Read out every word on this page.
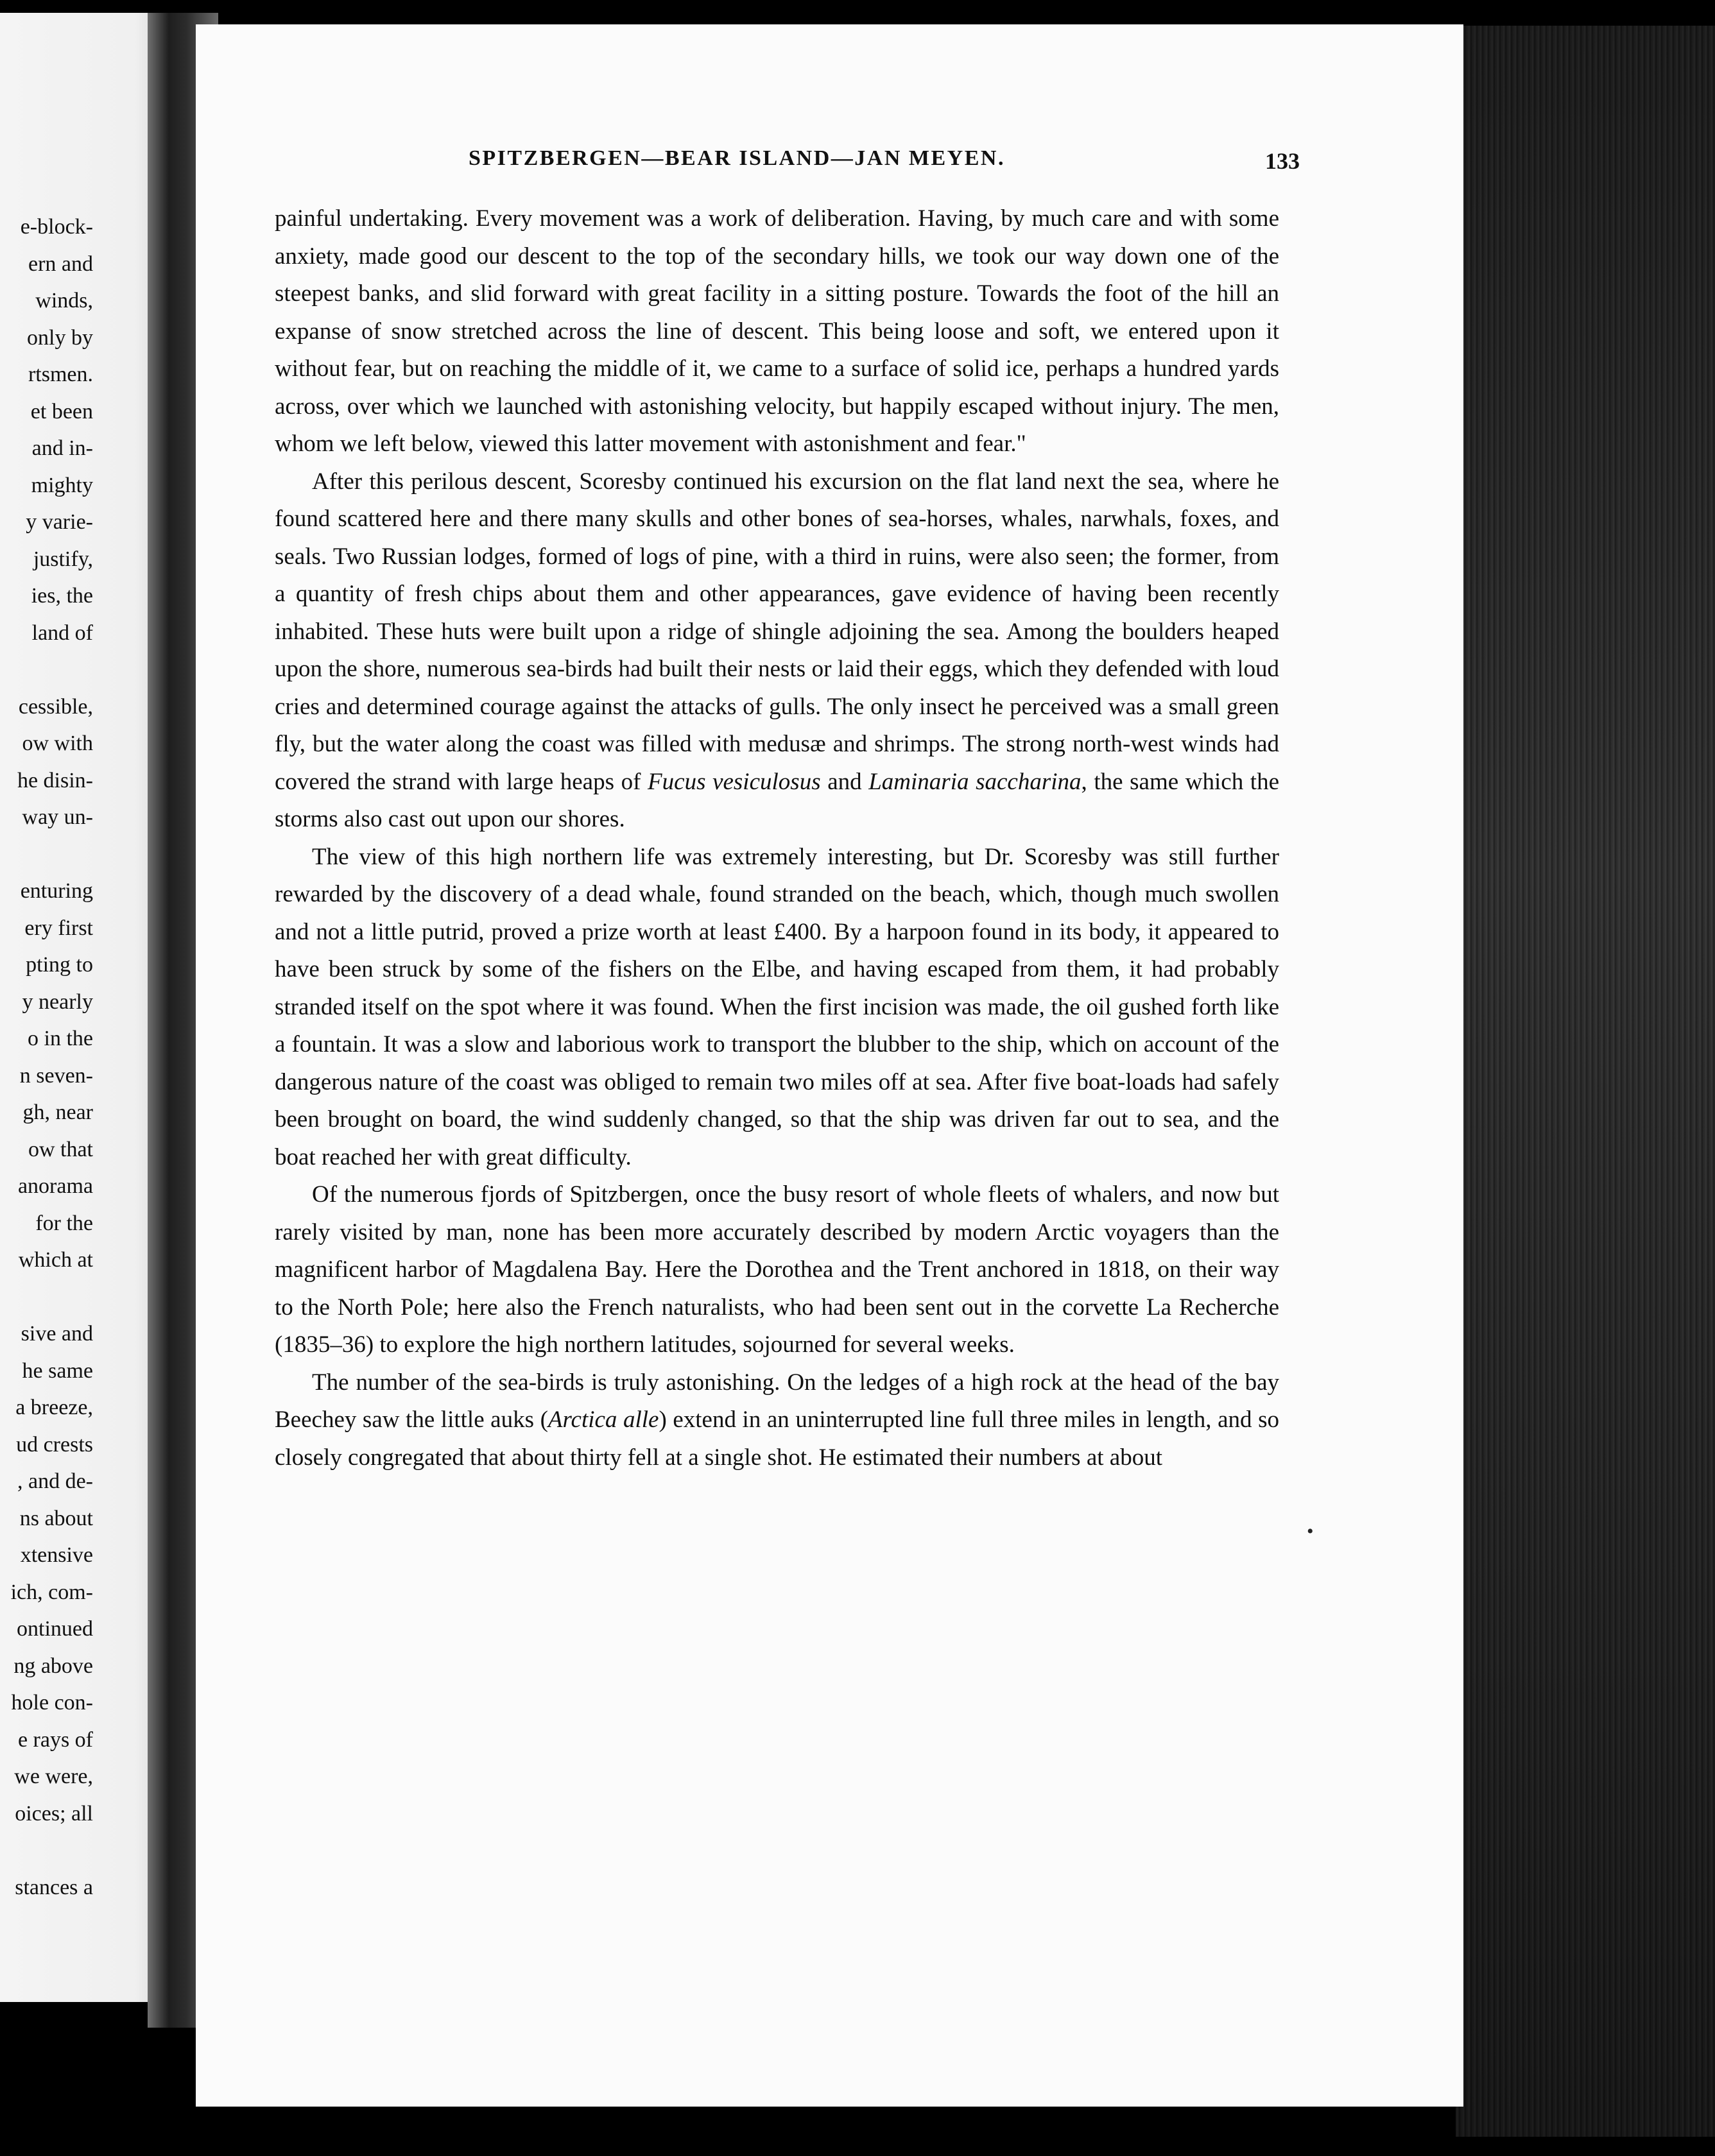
e-block-
ern and
winds,
only by
rtsmen.
et been
and in-
mighty
y varie-
justify,
ies, the
land of
cessible,
ow with
he disin-
way un-
enturing
ery first
pting to
y nearly
o in the
n seven-
gh, near
ow that
anorama
for the
which at
sive and
he same
a breeze,
ud crests
, and de-
ns about
xtensive
ich, com-
ontinued
ng above
hole con-
e rays of
we were,
oices; all
stances a
SPITZBERGEN—BEAR ISLAND—JAN MEYEN.	133

painful undertaking. Every movement was a work of deliberation. Having, by much care and with some anxiety, made good our descent to the top of the secondary hills, we took our way down one of the steepest banks, and slid forward with great facility in a sitting posture. Towards the foot of the hill an expanse of snow stretched across the line of descent. This being loose and soft, we entered upon it without fear, but on reaching the middle of it, we came to a surface of solid ice, perhaps a hundred yards across, over which we launched with astonishing velocity, but happily escaped without injury. The men, whom we left below, viewed this latter movement with astonishment and fear."

After this perilous descent, Scoresby continued his excursion on the flat land next the sea, where he found scattered here and there many skulls and other bones of sea-horses, whales, narwhals, foxes, and seals. Two Russian lodges, formed of logs of pine, with a third in ruins, were also seen; the former, from a quantity of fresh chips about them and other appearances, gave evidence of having been recently inhabited. These huts were built upon a ridge of shingle adjoining the sea. Among the boulders heaped upon the shore, numerous sea-birds had built their nests or laid their eggs, which they defended with loud cries and determined courage against the attacks of gulls. The only insect he perceived was a small green fly, but the water along the coast was filled with medusæ and shrimps. The strong north-west winds had covered the strand with large heaps of Fucus vesiculosus and Laminaria saccharina, the same which the storms also cast out upon our shores.

The view of this high northern life was extremely interesting, but Dr. Scoresby was still further rewarded by the discovery of a dead whale, found stranded on the beach, which, though much swollen and not a little putrid, proved a prize worth at least £400. By a harpoon found in its body, it appeared to have been struck by some of the fishers on the Elbe, and having escaped from them, it had probably stranded itself on the spot where it was found. When the first incision was made, the oil gushed forth like a fountain. It was a slow and laborious work to transport the blubber to the ship, which on account of the dangerous nature of the coast was obliged to remain two miles off at sea. After five boat-loads had safely been brought on board, the wind suddenly changed, so that the ship was driven far out to sea, and the boat reached her with great difficulty.

Of the numerous fjords of Spitzbergen, once the busy resort of whole fleets of whalers, and now but rarely visited by man, none has been more accurately described by modern Arctic voyagers than the magnificent harbor of Magdalena Bay. Here the Dorothea and the Trent anchored in 1818, on their way to the North Pole; here also the French naturalists, who had been sent out in the corvette La Recherche (1835–36) to explore the high northern latitudes, sojourned for several weeks.

The number of the sea-birds is truly astonishing. On the ledges of a high rock at the head of the bay Beechey saw the little auks (Arctica alle) extend in an uninterrupted line full three miles in length, and so closely congregated that about thirty fell at a single shot. He estimated their numbers at about

•
